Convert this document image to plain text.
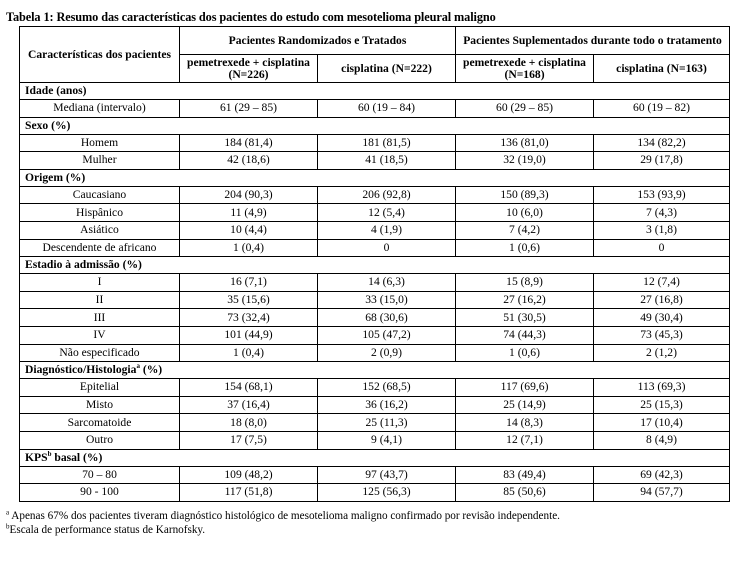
Tabela 1: Resumo das características dos pacientes do estudo com mesotelioma pleural maligno
Características dos pacientes	Pacientes Randomizados e Tratados		Pacientes Suplementados durante todo o tratamento	
	pemetrexede + cisplatina (N=226)	cisplatina (N=222)	pemetrexede + cisplatina (N=168)	cisplatina (N=163)
Idade (anos)				
Mediana (intervalo)	61 (29 – 85)	60 (19 – 84)	60 (29 – 85)	60 (19 – 82)
Sexo (%)				
Homem	184 (81,4)	181 (81,5)	136 (81,0)	134 (82,2)
Mulher	42 (18,6)	41 (18,5)	32 (19,0)	29 (17,8)
Origem (%)				
Caucasiano	204 (90,3)	206 (92,8)	150 (89,3)	153 (93,9)
Hispânico	11 (4,9)	12 (5,4)	10 (6,0)	7 (4,3)
Asiático	10 (4,4)	4 (1,9)	7 (4,2)	3 (1,8)
Descendente de africano	1 (0,4)	0	1 (0,6)	0
Estadio à admissão (%)				
I	16 (7,1)	14 (6,3)	15 (8,9)	12 (7,4)
II	35 (15,6)	33 (15,0)	27 (16,2)	27 (16,8)
III	73 (32,4)	68 (30,6)	51 (30,5)	49 (30,4)
IV	101 (44,9)	105 (47,2)	74 (44,3)	73 (45,3)
Não especificado	1 (0,4)	2 (0,9)	1 (0,6)	2 (1,2)
Diagnóstico/Histologia$^a$ (%)				
Epitelial	154 (68,1)	152 (68,5)	117 (69,6)	113 (69,3)
Misto	37 (16,4)	36 (16,2)	25 (14,9)	25 (15,3)
Sarcomatoide	18 (8,0)	25 (11,3)	14 (8,3)	17 (10,4)
Outro	17 (7,5)	9 (4,1)	12 (7,1)	8 (4,9)
KPS$^b$ basal (%)				
70 – 80	109 (48,2)	97 (43,7)	83 (49,4)	69 (42,3)
90 - 100	117 (51,8)	125 (56,3)	85 (50,6)	94 (57,7)
$^a$ Apenas 67% dos pacientes tiveram diagnóstico histológico de mesotelioma maligno confirmado por revisão independente.
$^b$Escala de performance status de Karnofsky.
